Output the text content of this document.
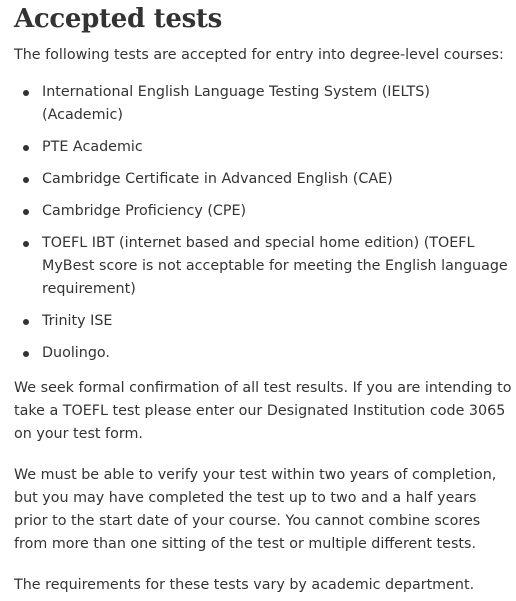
Accepted tests

The following tests are accepted for entry into degree-level courses:

International English Language Testing System (IELTS) (Academic)
PTE Academic
Cambridge Certificate in Advanced English (CAE)
Cambridge Proficiency (CPE)
TOEFL IBT (internet based and special home edition) (TOEFL MyBest score is not acceptable for meeting the English language requirement)
Trinity ISE
Duolingo.

We seek formal confirmation of all test results. If you are intending to take a TOEFL test please enter our Designated Institution code 3065 on your test form.

We must be able to verify your test within two years of completion, but you may have completed the test up to two and a half years prior to the start date of your course. You cannot combine scores from more than one sitting of the test or multiple different tests.

The requirements for these tests vary by academic department.
